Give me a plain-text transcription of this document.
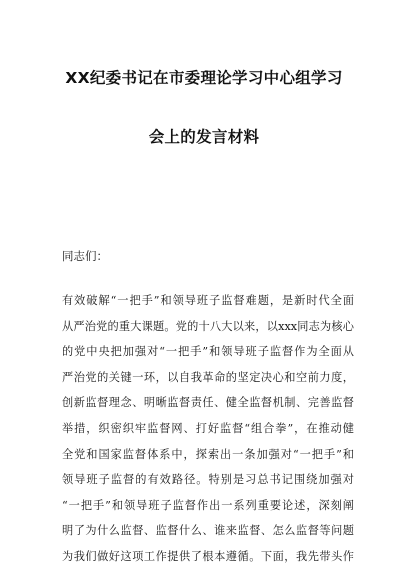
XX纪委书记在市委理论学习中心组学习
会上的发言材料
同志们：
有效破解“一把手”和领导班子监督难题，是新时代全面
从严治党的重大课题。党的十八大以来，以xxx同志为核心
的党中央把加强对“一把手”和领导班子监督作为全面从
严治党的关键一环，以自我革命的坚定决心和空前力度，
创新监督理念、明晰监督责任、健全监督机制、完善监督
举措，织密织牢监督网、打好监督“组合拳”，在推动健
全党和国家监督体系中，探索出一条加强对“一把手”和
领导班子监督的有效路径。特别是习总书记围绕加强对
“一把手”和领导班子监督作出一系列重要论述，深刻阐
明了为什么监督、监督什么、谁来监督、怎么监督等问题
为我们做好这项工作提供了根本遵循。下面，我先带头作
